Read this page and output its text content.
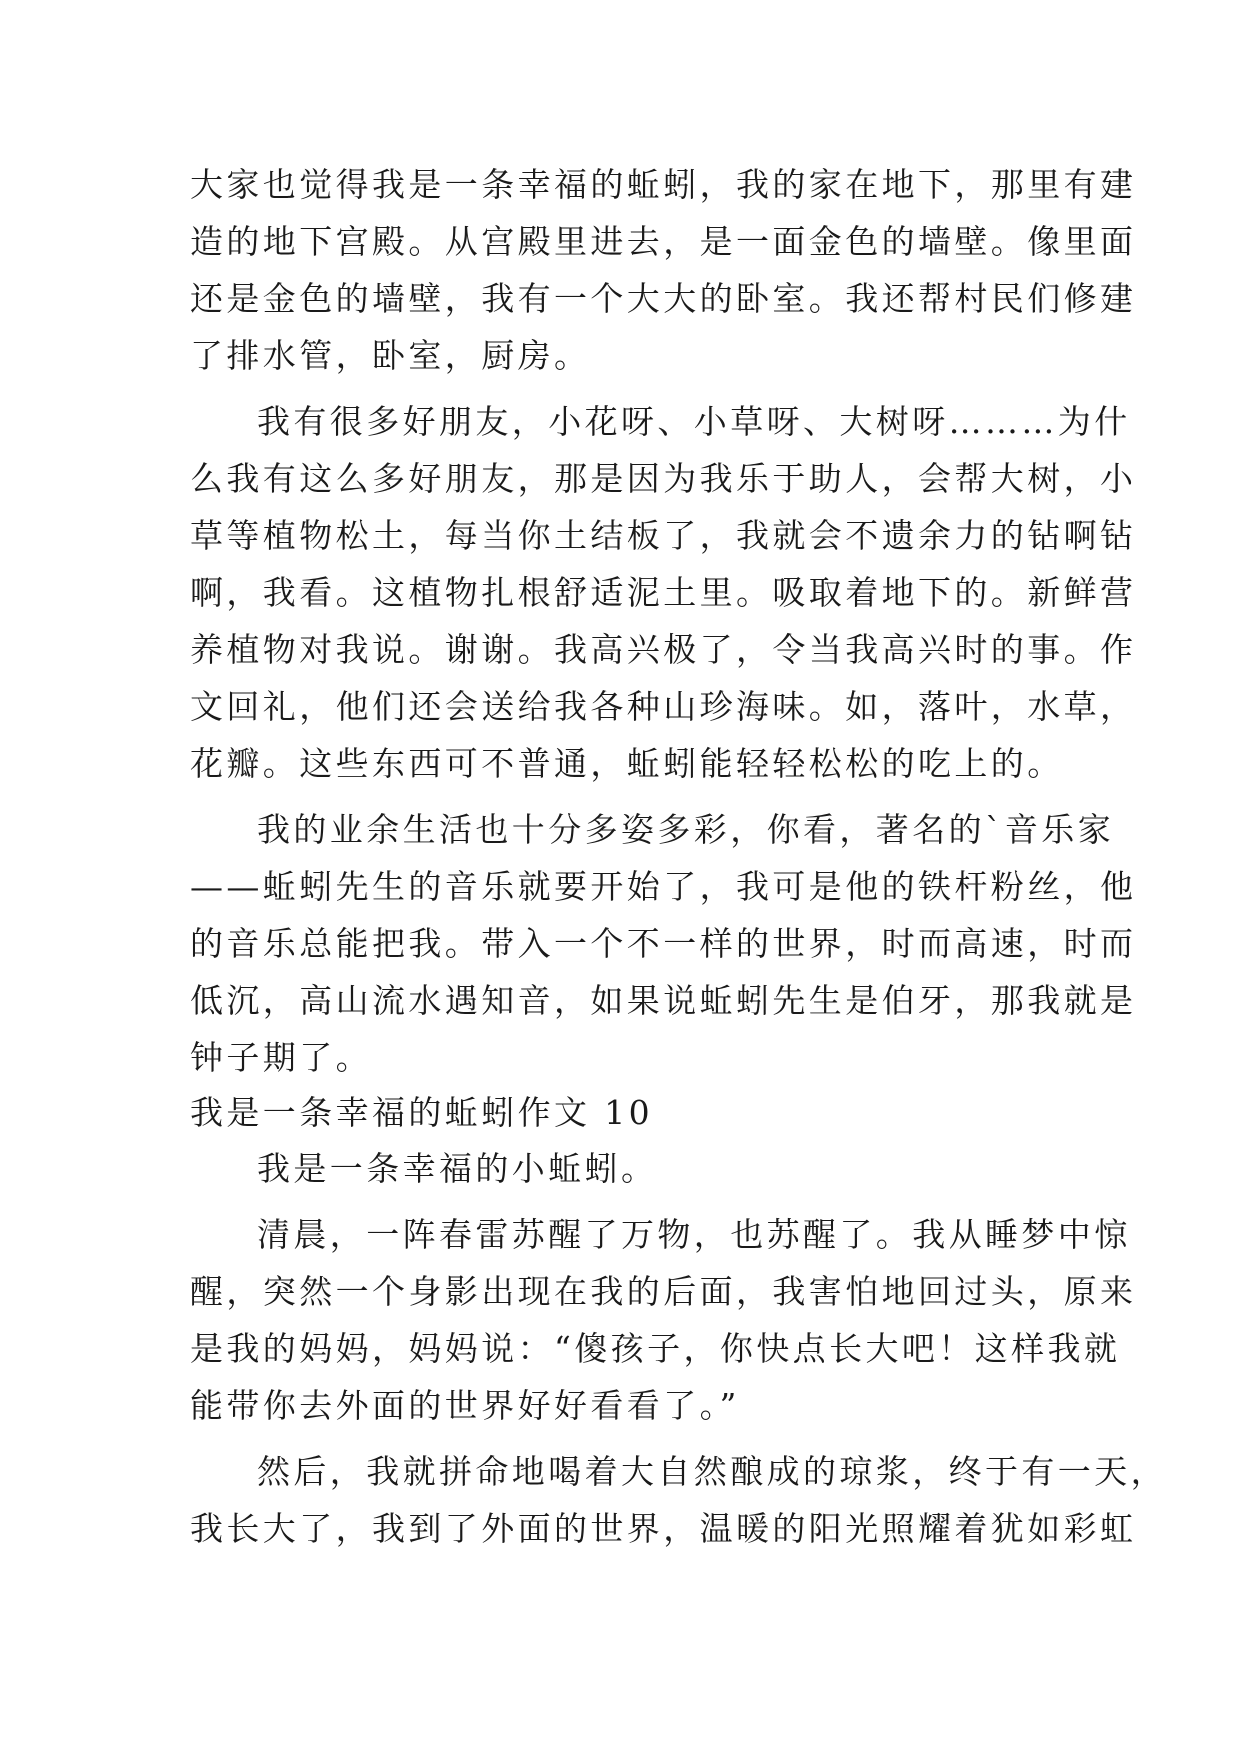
大家也觉得我是一条幸福的蚯蚓，我的家在地下，那里有建
造的地下宫殿。从宫殿里进去，是一面金色的墙壁。像里面
还是金色的墙壁，我有一个大大的卧室。我还帮村民们修建
了排水管，卧室，厨房。
我有很多好朋友，小花呀、小草呀、大树呀………为什
么我有这么多好朋友，那是因为我乐于助人，会帮大树，小
草等植物松土，每当你土结板了，我就会不遗余力的钻啊钻
啊，我看。这植物扎根舒适泥土里。吸取着地下的。新鲜营
养植物对我说。谢谢。我高兴极了，令当我高兴时的事。作
文回礼，他们还会送给我各种山珍海味。如，落叶，水草，
花瓣。这些东西可不普通，蚯蚓能轻轻松松的吃上的。
我的业余生活也十分多姿多彩，你看，著名的`音乐家
——蚯蚓先生的音乐就要开始了，我可是他的铁杆粉丝，他
的音乐总能把我。带入一个不一样的世界，时而高速，时而
低沉，高山流水遇知音，如果说蚯蚓先生是伯牙，那我就是
钟子期了。
我是一条幸福的蚯蚓作文 10
我是一条幸福的小蚯蚓。
清晨，一阵春雷苏醒了万物，也苏醒了。我从睡梦中惊
醒，突然一个身影出现在我的后面，我害怕地回过头，原来
是我的妈妈，妈妈说：“傻孩子，你快点长大吧！这样我就
能带你去外面的世界好好看看了。”
然后，我就拼命地喝着大自然酿成的琼浆，终于有一天，
我长大了，我到了外面的世界，温暖的阳光照耀着犹如彩虹
